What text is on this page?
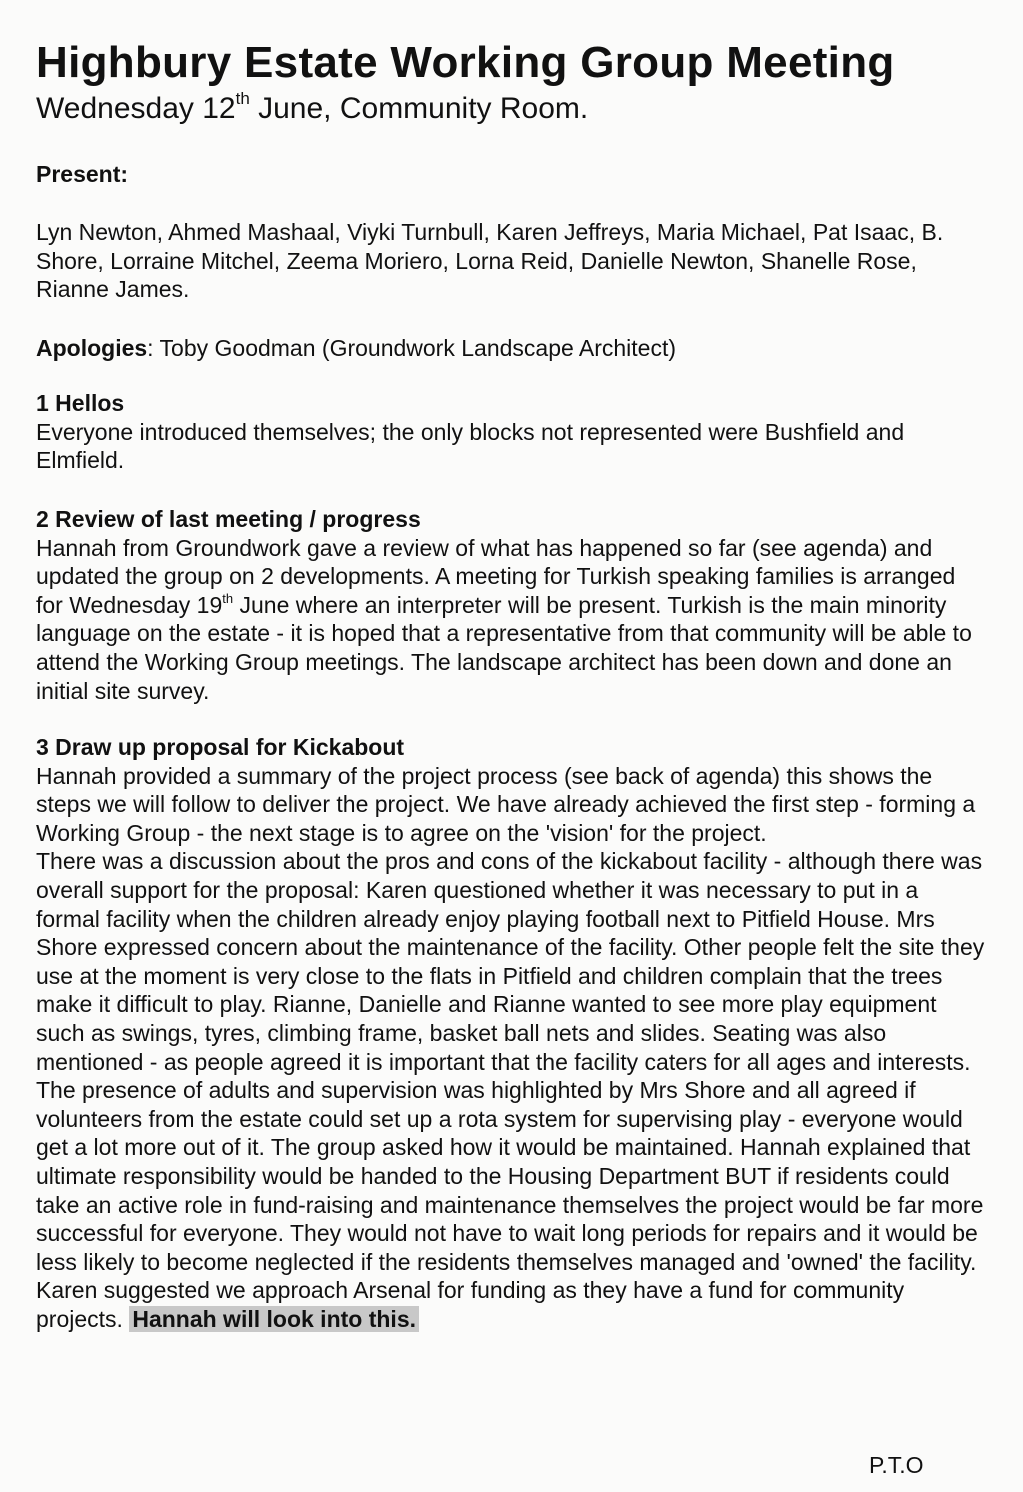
Highbury Estate Working Group Meeting
Wednesday 12th June, Community Room.

Present:

Lyn Newton, Ahmed Mashaal, Viyki Turnbull, Karen Jeffreys, Maria Michael, Pat Isaac, B. Shore, Lorraine Mitchel, Zeema Moriero, Lorna Reid, Danielle Newton, Shanelle Rose, Rianne James.

Apologies: Toby Goodman (Groundwork Landscape Architect)

1 Hellos

Everyone introduced themselves; the only blocks not represented were Bushfield and Elmfield.

2 Review of last meeting / progress

Hannah from Groundwork gave a review of what has happened so far (see agenda) and updated the group on 2 developments. A meeting for Turkish speaking families is arranged for Wednesday 19th June where an interpreter will be present. Turkish is the main minority language on the estate - it is hoped that a representative from that community will be able to attend the Working Group meetings. The landscape architect has been down and done an initial site survey.

3 Draw up proposal for Kickabout

Hannah provided a summary of the project process (see back of agenda) this shows the steps we will follow to deliver the project. We have already achieved the first step - forming a Working Group - the next stage is to agree on the 'vision' for the project.

There was a discussion about the pros and cons of the kickabout facility - although there was overall support for the proposal: Karen questioned whether it was necessary to put in a formal facility when the children already enjoy playing football next to Pitfield House. Mrs Shore expressed concern about the maintenance of the facility. Other people felt the site they use at the moment is very close to the flats in Pitfield and children complain that the trees make it difficult to play. Rianne, Danielle and Rianne wanted to see more play equipment such as swings, tyres, climbing frame, basket ball nets and slides. Seating was also mentioned - as people agreed it is important that the facility caters for all ages and interests.

The presence of adults and supervision was highlighted by Mrs Shore and all agreed if volunteers from the estate could set up a rota system for supervising play - everyone would get a lot more out of it. The group asked how it would be maintained. Hannah explained that ultimate responsibility would be handed to the Housing Department BUT if residents could take an active role in fund-raising and maintenance themselves the project would be far more successful for everyone. They would not have to wait long periods for repairs and it would be less likely to become neglected if the residents themselves managed and 'owned' the facility. Karen suggested we approach Arsenal for funding as they have a fund for community projects. Hannah will look into this.

P.T.O
